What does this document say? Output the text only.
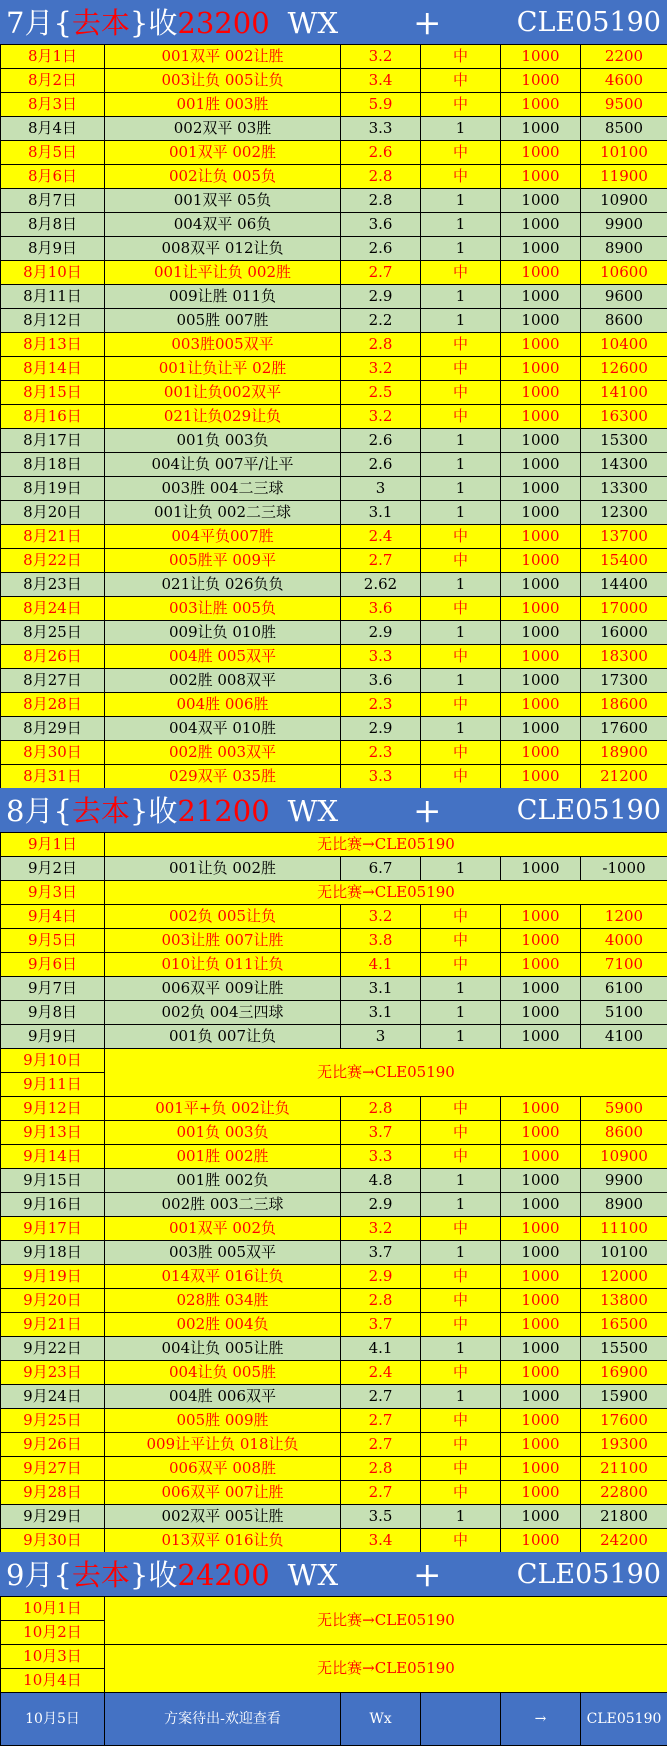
7月{去本}收23200 WX +	CLE05190
8月1日	001双平 002让胜	3.2	中	1000	2200
8月2日	003让负 005让负	3.4	中	1000	4600
8月3日	001胜 003胜	5.9	中	1000	9500
8月4日	002双平 03胜	3.3	1	1000	8500
8月5日	001双平 002胜	2.6	中	1000	10100
8月6日	002让负 005负	2.8	中	1000	11900
8月7日	001双平 05负	2.8	1	1000	10900
8月8日	004双平 06负	3.6	1	1000	9900
8月9日	008双平 012让负	2.6	1	1000	8900
8月10日	001让平让负 002胜	2.7	中	1000	10600
8月11日	009让胜 011负	2.9	1	1000	9600
8月12日	005胜 007胜	2.2	1	1000	8600
8月13日	003胜005双平	2.8	中	1000	10400
8月14日	001让负让平 02胜	3.2	中	1000	12600
8月15日	001让负002双平	2.5	中	1000	14100
8月16日	021让负029让负	3.2	中	1000	16300
8月17日	001负 003负	2.6	1	1000	15300
8月18日	004让负 007平/让平	2.6	1	1000	14300
8月19日	003胜 004二三球	3	1	1000	13300
8月20日	001让负 002二三球	3.1	1	1000	12300
8月21日	004平负007胜	2.4	中	1000	13700
8月22日	005胜平 009平	2.7	中	1000	15400
8月23日	021让负 026负负	2.62	1	1000	14400
8月24日	003让胜 005负	3.6	中	1000	17000
8月25日	009让负 010胜	2.9	1	1000	16000
8月26日	004胜 005双平	3.3	中	1000	18300
8月27日	002胜 008双平	3.6	1	1000	17300
8月28日	004胜 006胜	2.3	中	1000	18600
8月29日	004双平 010胜	2.9	1	1000	17600
8月30日	002胜 003双平	2.3	中	1000	18900
8月31日	029双平 035胜	3.3	中	1000	21200
8月{去本}收21200 WX +	CLE05190
9月1日	无比赛→CLE05190				
9月2日	001让负 002胜	6.7	1	1000	-1000
9月3日	无比赛→CLE05190				
9月4日	002负 005让负	3.2	中	1000	1200
9月5日	003让胜 007让胜	3.8	中	1000	4000
9月6日	010让负 011让负	4.1	中	1000	7100
9月7日	006双平 009让胜	3.1	1	1000	6100
9月8日	002负 004三四球	3.1	1	1000	5100
9月9日	001负 007让负	3	1	1000	4100
9月10日	无比赛→CLE05190				
9月11日					
9月12日	001平+负 002让负	2.8	中	1000	5900
9月13日	001负 003负	3.7	中	1000	8600
9月14日	001胜 002胜	3.3	中	1000	10900
9月15日	001胜 002负	4.8	1	1000	9900
9月16日	002胜 003二三球	2.9	1	1000	8900
9月17日	001双平 002负	3.2	中	1000	11100
9月18日	003胜 005双平	3.7	1	1000	10100
9月19日	014双平 016让负	2.9	中	1000	12000
9月20日	028胜 034胜	2.8	中	1000	13800
9月21日	002胜 004负	3.7	中	1000	16500
9月22日	004让负 005让胜	4.1	1	1000	15500
9月23日	004让负 005胜	2.4	中	1000	16900
9月24日	004胜 006双平	2.7	1	1000	15900
9月25日	005胜 009胜	2.7	中	1000	17600
9月26日	009让平让负 018让负	2.7	中	1000	19300
9月27日	006双平 008胜	2.8	中	1000	21100
9月28日	006双平 007让胜	2.7	中	1000	22800
9月29日	002双平 005让胜	3.5	1	1000	21800
9月30日	013双平 016让负	3.4	中	1000	24200
9月{去本}收24200 WX +	CLE05190
10月1日	无比赛→CLE05190				
10月2日					
10月3日	无比赛→CLE05190				
10月4日					
10月5日	方案待出-欢迎查看	Wx		→	CLE05190
